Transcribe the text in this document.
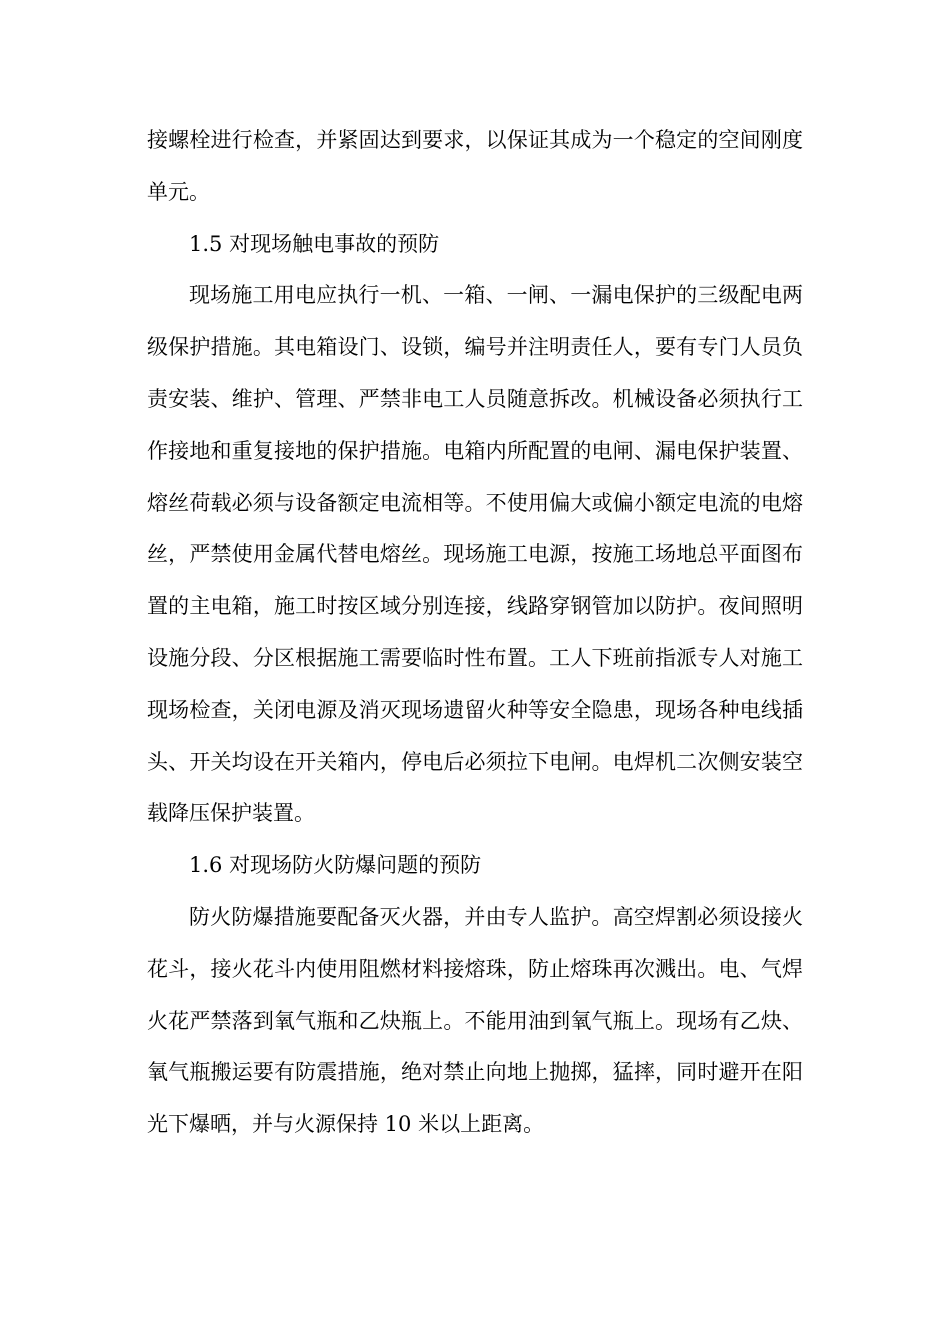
接螺栓进行检查，并紧固达到要求，以保证其成为一个稳定的空间刚度单元。

1.5 对现场触电事故的预防

现场施工用电应执行一机、一箱、一闸、一漏电保护的三级配电两级保护措施。其电箱设门、设锁，编号并注明责任人，要有专门人员负责安装、维护、管理、严禁非电工人员随意拆改。机械设备必须执行工作接地和重复接地的保护措施。电箱内所配置的电闸、漏电保护装置、熔丝荷载必须与设备额定电流相等。不使用偏大或偏小额定电流的电熔丝，严禁使用金属代替电熔丝。现场施工电源，按施工场地总平面图布置的主电箱，施工时按区域分别连接，线路穿钢管加以防护。夜间照明设施分段、分区根据施工需要临时性布置。工人下班前指派专人对施工现场检查，关闭电源及消灭现场遗留火种等安全隐患，现场各种电线插头、开关均设在开关箱内，停电后必须拉下电闸。电焊机二次侧安装空载降压保护装置。

1.6 对现场防火防爆问题的预防

防火防爆措施要配备灭火器，并由专人监护。高空焊割必须设接火花斗，接火花斗内使用阻燃材料接熔珠，防止熔珠再次溅出。电、气焊火花严禁落到氧气瓶和乙炔瓶上。不能用油到氧气瓶上。现场有乙炔、氧气瓶搬运要有防震措施，绝对禁止向地上抛掷，猛摔，同时避开在阳光下爆晒，并与火源保持 10 米以上距离。
